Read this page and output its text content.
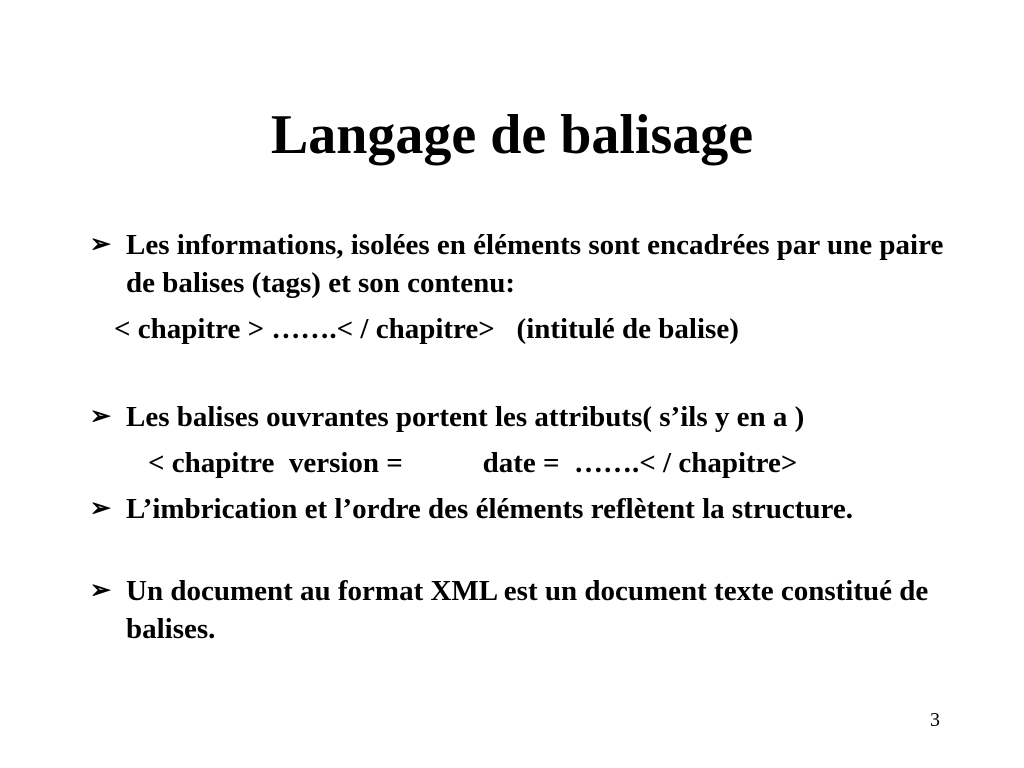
Langage de balisage
➢ Les informations, isolées en éléments sont encadrées par une paire de balises (tags) et son contenu:
< chapitre > …….< / chapitre>   (intitulé de balise)
➢ Les balises ouvrantes portent les attributs( s’ils y en a )
< chapitre  version =           date =  …….< / chapitre>
➢ L’imbrication et l’ordre des éléments reflètent la structure.
➢ Un document au format XML est un document texte constitué de balises.
3
